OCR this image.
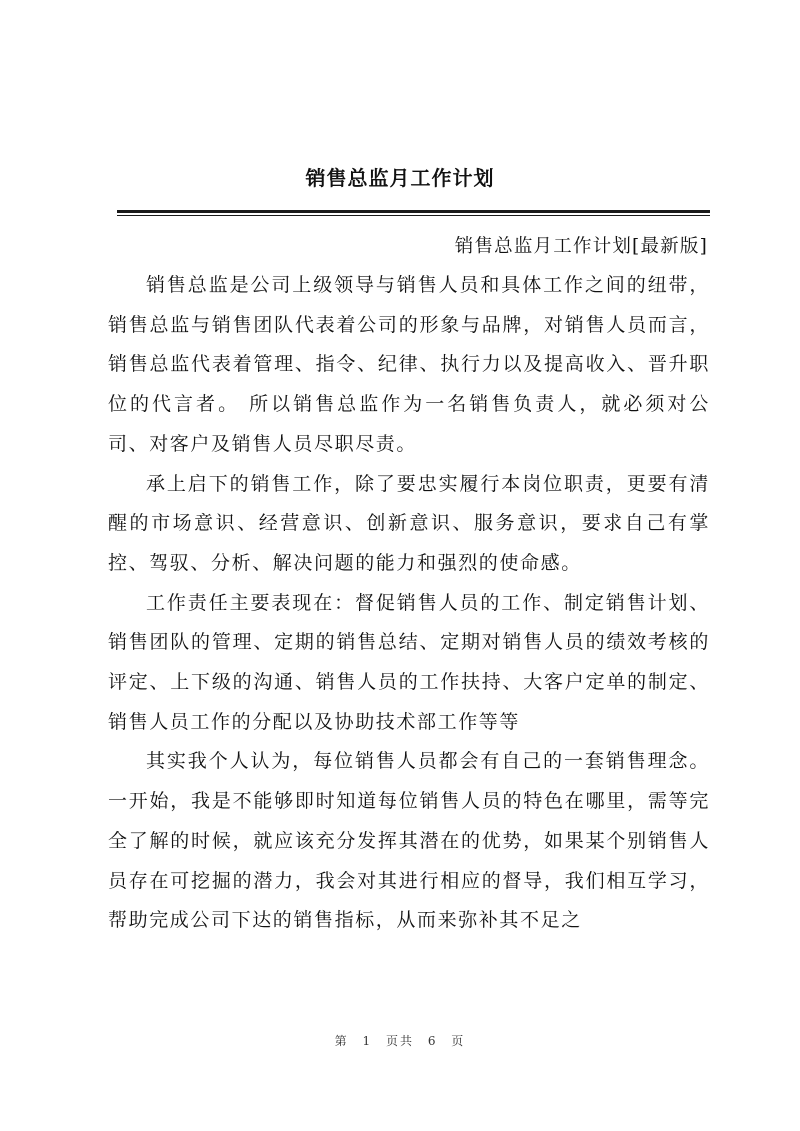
销售总监月工作计划
销售总监月工作计划[最新版]

销售总监是公司上级领导与销售人员和具体工作之间的纽带，销售总监与销售团队代表着公司的形象与品牌，对销售人员而言，销售总监代表着管理、指令、纪律、执行力以及提高收入、晋升职位的代言者。 所以销售总监作为一名销售负责人，就必须对公司、对客户及销售人员尽职尽责。

承上启下的销售工作，除了要忠实履行本岗位职责，更要有清醒的市场意识、经营意识、创新意识、服务意识，要求自己有掌控、驾驭、分析、解决问题的能力和强烈的使命感。

工作责任主要表现在：督促销售人员的工作、制定销售计划、销售团队的管理、定期的销售总结、定期对销售人员的绩效考核的评定、上下级的沟通、销售人员的工作扶持、大客户定单的制定、销售人员工作的分配以及协助技术部工作等等

其实我个人认为，每位销售人员都会有自己的一套销售理念。一开始，我是不能够即时知道每位销售人员的特色在哪里，需等完全了解的时候，就应该充分发挥其潜在的优势，如果某个别销售人员存在可挖掘的潜力，我会对其进行相应的督导，我们相互学习，帮助完成公司下达的销售指标，从而来弥补其不足之

第 1 页共 6 页
